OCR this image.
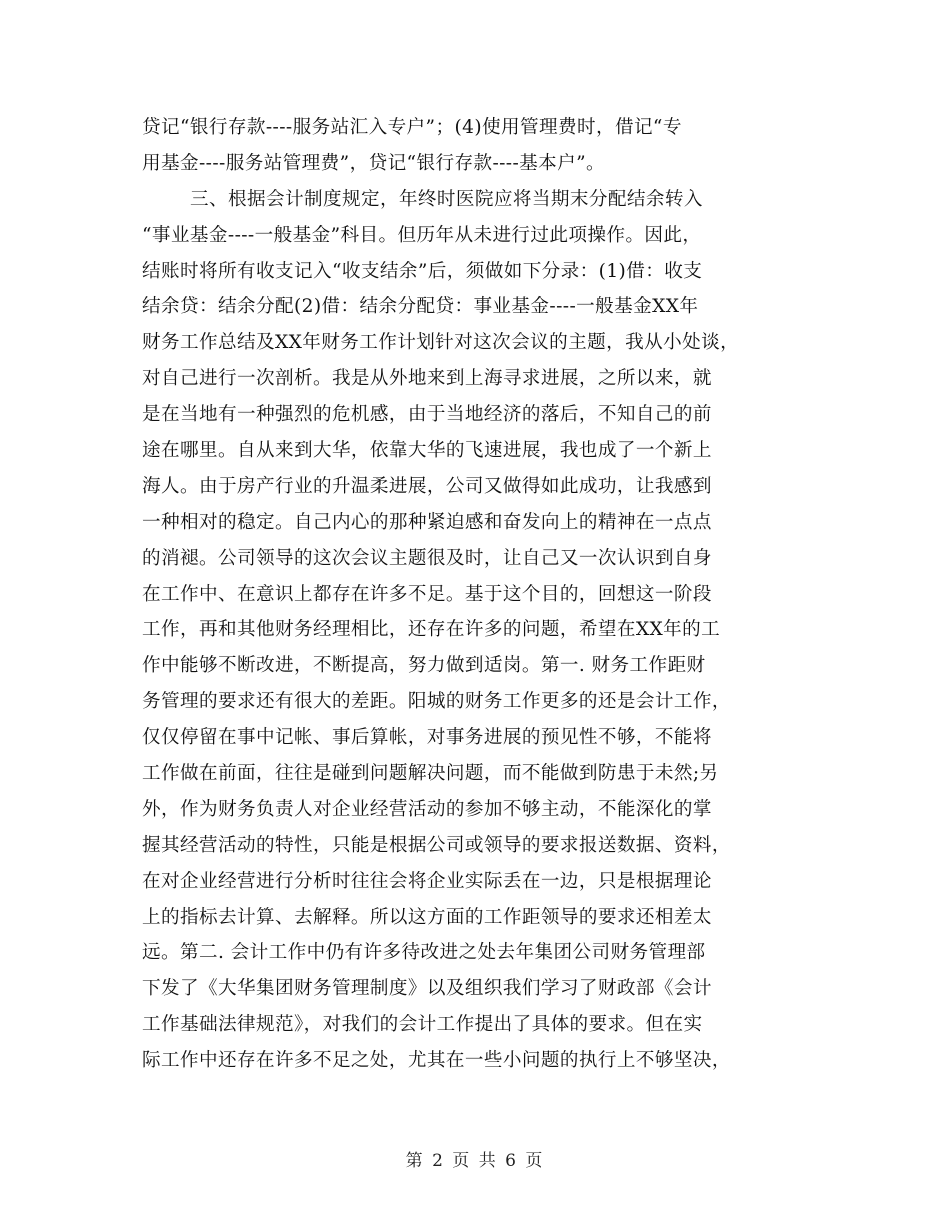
贷记“银行存款----服务站汇入专户”；(4)使用管理费时，借记“专
用基金----服务站管理费”，贷记“银行存款----基本户”。
三、根据会计制度规定，年终时医院应将当期末分配结余转入
“事业基金----一般基金”科目。但历年从未进行过此项操作。因此，
结账时将所有收支记入“收支结余”后，须做如下分录：(1)借：收支
结余贷：结余分配(2)借：结余分配贷：事业基金----一般基金XX年
财务工作总结及XX年财务工作计划针对这次会议的主题，我从小处谈，
对自己进行一次剖析。我是从外地来到上海寻求进展，之所以来，就
是在当地有一种强烈的危机感，由于当地经济的落后，不知自己的前
途在哪里。自从来到大华，依靠大华的飞速进展，我也成了一个新上
海人。由于房产行业的升温柔进展，公司又做得如此成功，让我感到
一种相对的稳定。自己内心的那种紧迫感和奋发向上的精神在一点点
的消褪。公司领导的这次会议主题很及时，让自己又一次认识到自身
在工作中、在意识上都存在许多不足。基于这个目的，回想这一阶段
工作，再和其他财务经理相比，还存在许多的问题，希望在XX年的工
作中能够不断改进，不断提高，努力做到适岗。第一. 财务工作距财
务管理的要求还有很大的差距。阳城的财务工作更多的还是会计工作，
仅仅停留在事中记帐、事后算帐，对事务进展的预见性不够，不能将
工作做在前面，往往是碰到问题解决问题，而不能做到防患于未然;另
外，作为财务负责人对企业经营活动的参加不够主动，不能深化的掌
握其经营活动的特性，只能是根据公司或领导的要求报送数据、资料，
在对企业经营进行分析时往往会将企业实际丢在一边，只是根据理论
上的指标去计算、去解释。所以这方面的工作距领导的要求还相差太
远。第二. 会计工作中仍有许多待改进之处去年集团公司财务管理部
下发了《大华集团财务管理制度》以及组织我们学习了财政部《会计
工作基础法律规范》，对我们的会计工作提出了具体的要求。但在实
际工作中还存在许多不足之处，尤其在一些小问题的执行上不够坚决，
第 2 页 共 6 页
